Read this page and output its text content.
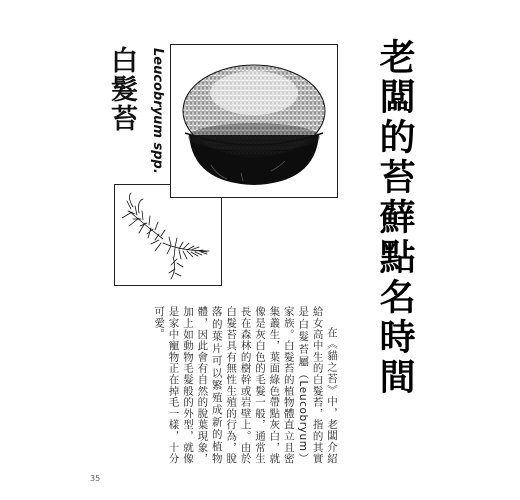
老闆的苔蘚點名時間
白髮苔	Leucobryum spp.

在《貓之苔》中，老闆介紹給女高中生的白髮苔，指的其實是白髮苔屬（Leucobryum）家族。白髮苔的植物體直立且密集叢生，葉面綠色帶點灰白，就像是灰白色的毛髮一般，通常生長在森林的樹幹或岩壁上。由於白髮苔具有無性生殖的行為，脫落的葉片可以繁殖成新的植物體，因此會有自然的脫葉現象，加上如動物毛髮般的外型，就像是家中寵物正在掉毛一樣，十分可愛。

35
